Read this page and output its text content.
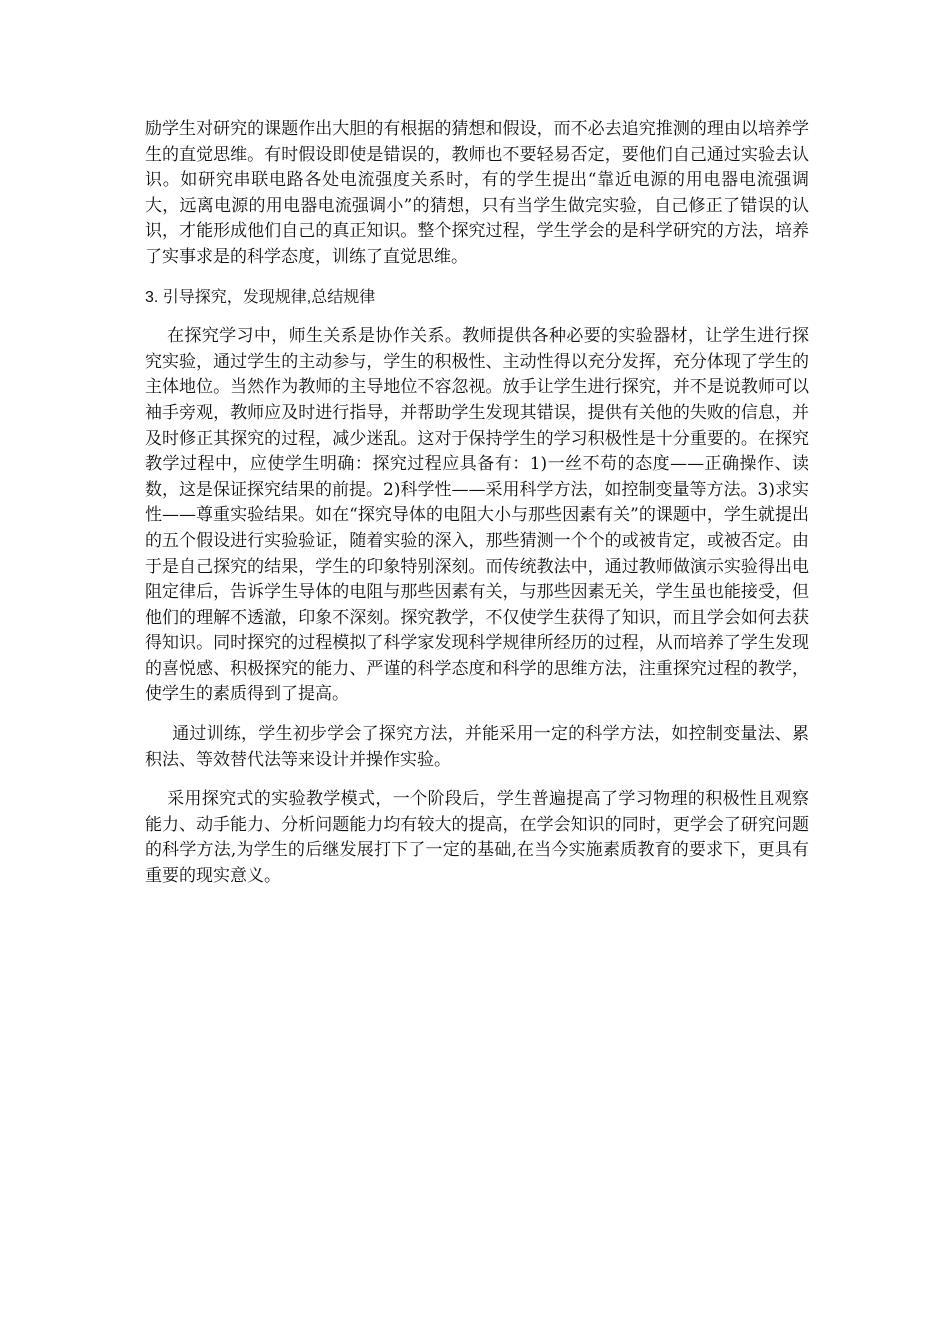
励学生对研究的课题作出大胆的有根据的猜想和假设，而不必去追究推测的理由以培养学生的直觉思维。有时假设即使是错误的，教师也不要轻易否定，要他们自己通过实验去认识。如研究串联电路各处电流强度关系时，有的学生提出“靠近电源的用电器电流强调大，远离电源的用电器电流强调小”的猜想，只有当学生做完实验，自己修正了错误的认识，才能形成他们自己的真正知识。整个探究过程，学生学会的是科学研究的方法，培养了实事求是的科学态度，训练了直觉思维。

3. 引导探究，发现规律,总结规律

在探究学习中，师生关系是协作关系。教师提供各种必要的实验器材，让学生进行探究实验，通过学生的主动参与，学生的积极性、主动性得以充分发挥，充分体现了学生的主体地位。当然作为教师的主导地位不容忽视。放手让学生进行探究，并不是说教师可以袖手旁观，教师应及时进行指导，并帮助学生发现其错误，提供有关他的失败的信息，并及时修正其探究的过程，减少迷乱。这对于保持学生的学习积极性是十分重要的。在探究教学过程中，应使学生明确：探究过程应具备有：1)一丝不苟的态度——正确操作、读数，这是保证探究结果的前提。2)科学性——采用科学方法，如控制变量等方法。3)求实性——尊重实验结果。如在“探究导体的电阻大小与那些因素有关”的课题中，学生就提出的五个假设进行实验验证，随着实验的深入，那些猜测一个个的或被肯定，或被否定。由于是自己探究的结果，学生的印象特别深刻。而传统教法中，通过教师做演示实验得出电阻定律后，告诉学生导体的电阻与那些因素有关，与那些因素无关，学生虽也能接受，但他们的理解不透澈，印象不深刻。探究教学，不仅使学生获得了知识，而且学会如何去获得知识。同时探究的过程模拟了科学家发现科学规律所经历的过程，从而培养了学生发现的喜悦感、积极探究的能力、严谨的科学态度和科学的思维方法，注重探究过程的教学，使学生的素质得到了提高。

通过训练，学生初步学会了探究方法，并能采用一定的科学方法，如控制变量法、累积法、等效替代法等来设计并操作实验。

采用探究式的实验教学模式，一个阶段后，学生普遍提高了学习物理的积极性且观察能力、动手能力、分析问题能力均有较大的提高，在学会知识的同时，更学会了研究问题的科学方法,为学生的后继发展打下了一定的基础,在当今实施素质教育的要求下，更具有重要的现实意义。
